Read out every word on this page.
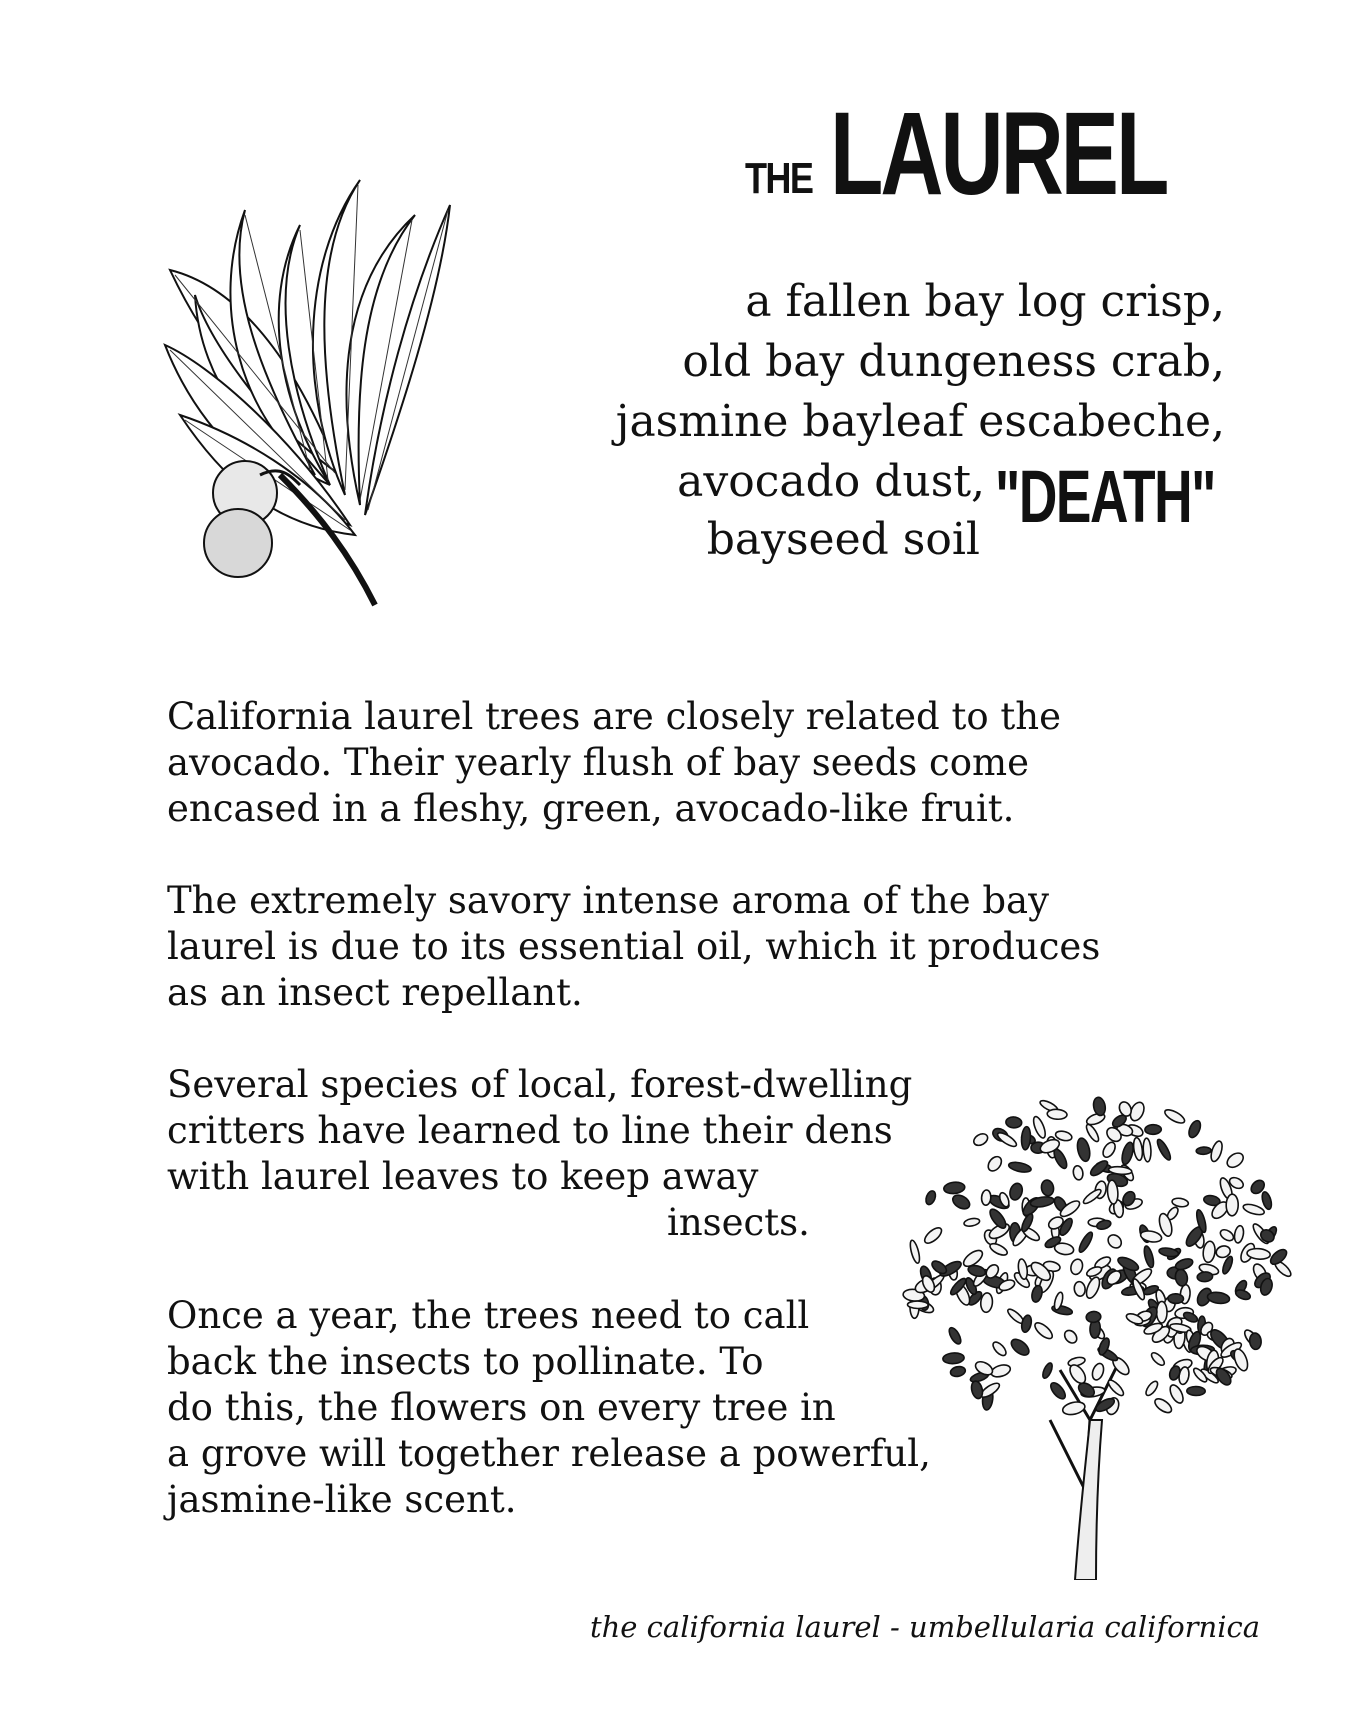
THE LAUREL
a fallen bay log crisp,
old bay dungeness crab,
jasmine bayleaf escabeche,
avocado dust,
bayseed soil
"DEATH"
California laurel trees are closely related to the
avocado. Their yearly flush of bay seeds come
encased in a fleshy, green, avocado-like fruit.
The extremely savory intense aroma of the bay
laurel is due to its essential oil, which it produces
as an insect repellant.
Several species of local, forest-dwelling
critters have learned to line their dens
with laurel leaves to keep away
insects.
Once a year, the trees need to call
back the insects to pollinate. To
do this, the flowers on every tree in
a grove will together release a powerful,
jasmine-like scent.
the california laurel - umbellularia californica
